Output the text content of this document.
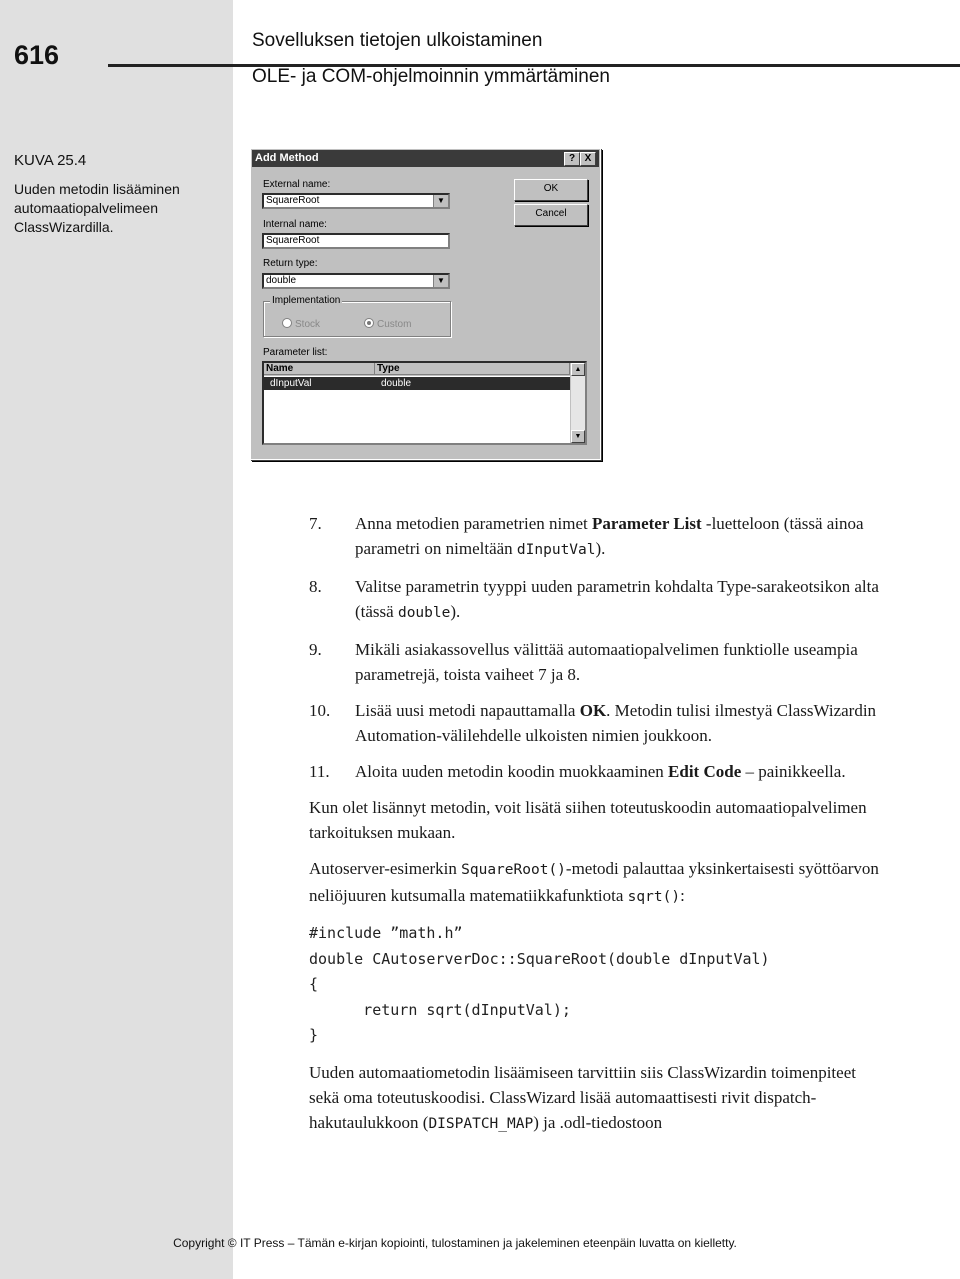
616	Sovelluksen tietojen ulkoistaminen
OLE- ja COM-ohjelmoinnin ymmärtäminen
KUVA 25.4
Uuden metodin lisääminen automaatiopalvelimeen ClassWizardilla.
Add Method	? X
External name:
SquareRoot	▼
Internal name:
SquareRoot
Return type:
double	▼
OK
Cancel
Implementation
Stock	Custom
Parameter list:
Name	Type
dInputVal	double
▲
▼
7. Anna metodien parametrien nimet Parameter List -luetteloon (tässä ainoa parametri on nimeltään dInputVal).
8. Valitse parametrin tyyppi uuden parametrin kohdalta Type-sarakeotsikon alta (tässä double).
9. Mikäli asiakassovellus välittää automaatiopalvelimen funktiolle useampia parametrejä, toista vaiheet 7 ja 8.
10. Lisää uusi metodi napauttamalla OK. Metodin tulisi ilmestyä ClassWizardin Automation-välilehdelle ulkoisten nimien joukkoon.
11. Aloita uuden metodin koodin muokkaaminen Edit Code – painikkeella.
Kun olet lisännyt metodin, voit lisätä siihen toteutuskoodin automaatiopalvelimen tarkoituksen mukaan.
Autoserver-esimerkin SquareRoot()-metodi palauttaa yksinkertaisesti syöttöarvon neliöjuuren kutsumalla matematiikkafunktiota sqrt():
#include ”math.h”
double CAutoserverDoc::SquareRoot(double dInputVal)
{
return sqrt(dInputVal);
}
Uuden automaatiometodin lisäämiseen tarvittiin siis ClassWizardin toimenpiteet sekä oma toteutuskoodisi. ClassWizard lisää automaattisesti rivit dispatch-hakutaulukkoon (DISPATCH_MAP) ja .odl-tiedostoon
Copyright © IT Press – Tämän e-kirjan kopiointi, tulostaminen ja jakeleminen eteenpäin luvatta on kielletty.
